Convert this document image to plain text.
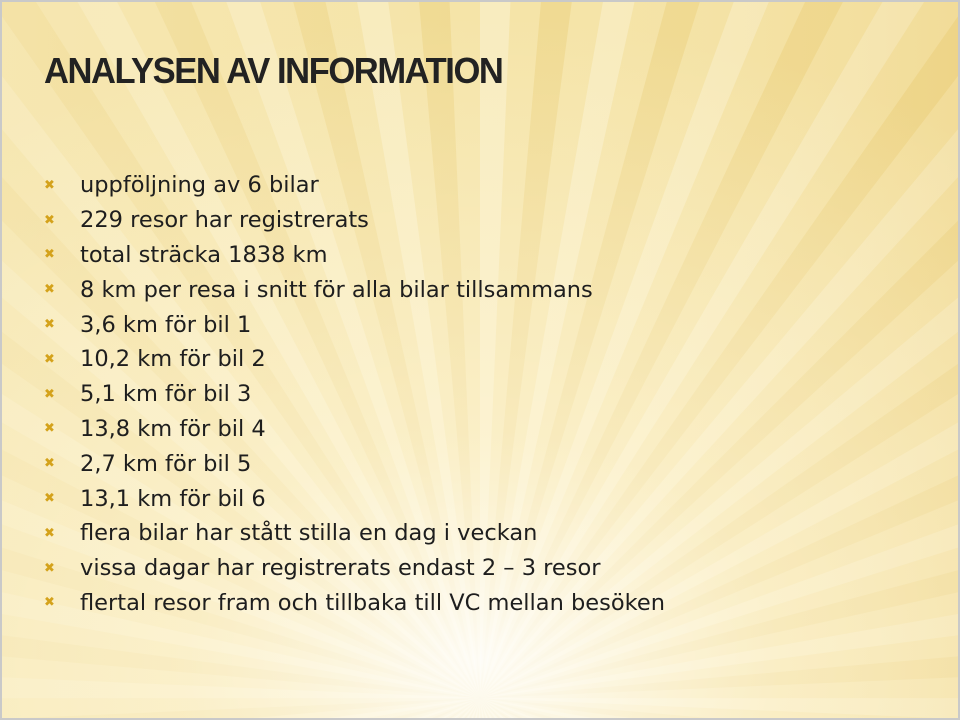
ANALYSEN AV INFORMATION
✖	uppföljning av 6 bilar
✖	229 resor har registrerats
✖	total sträcka 1838 km
✖	8 km per resa i snitt för alla bilar tillsammans
✖	3,6 km för bil 1
✖	10,2 km för bil 2
✖	5,1 km för bil 3
✖	13,8 km för bil 4
✖	2,7 km för bil 5
✖	13,1 km för bil 6
✖	flera bilar har stått stilla en dag i veckan
✖	vissa dagar har registrerats endast 2 – 3 resor
✖	flertal resor fram och tillbaka till VC mellan besöken
